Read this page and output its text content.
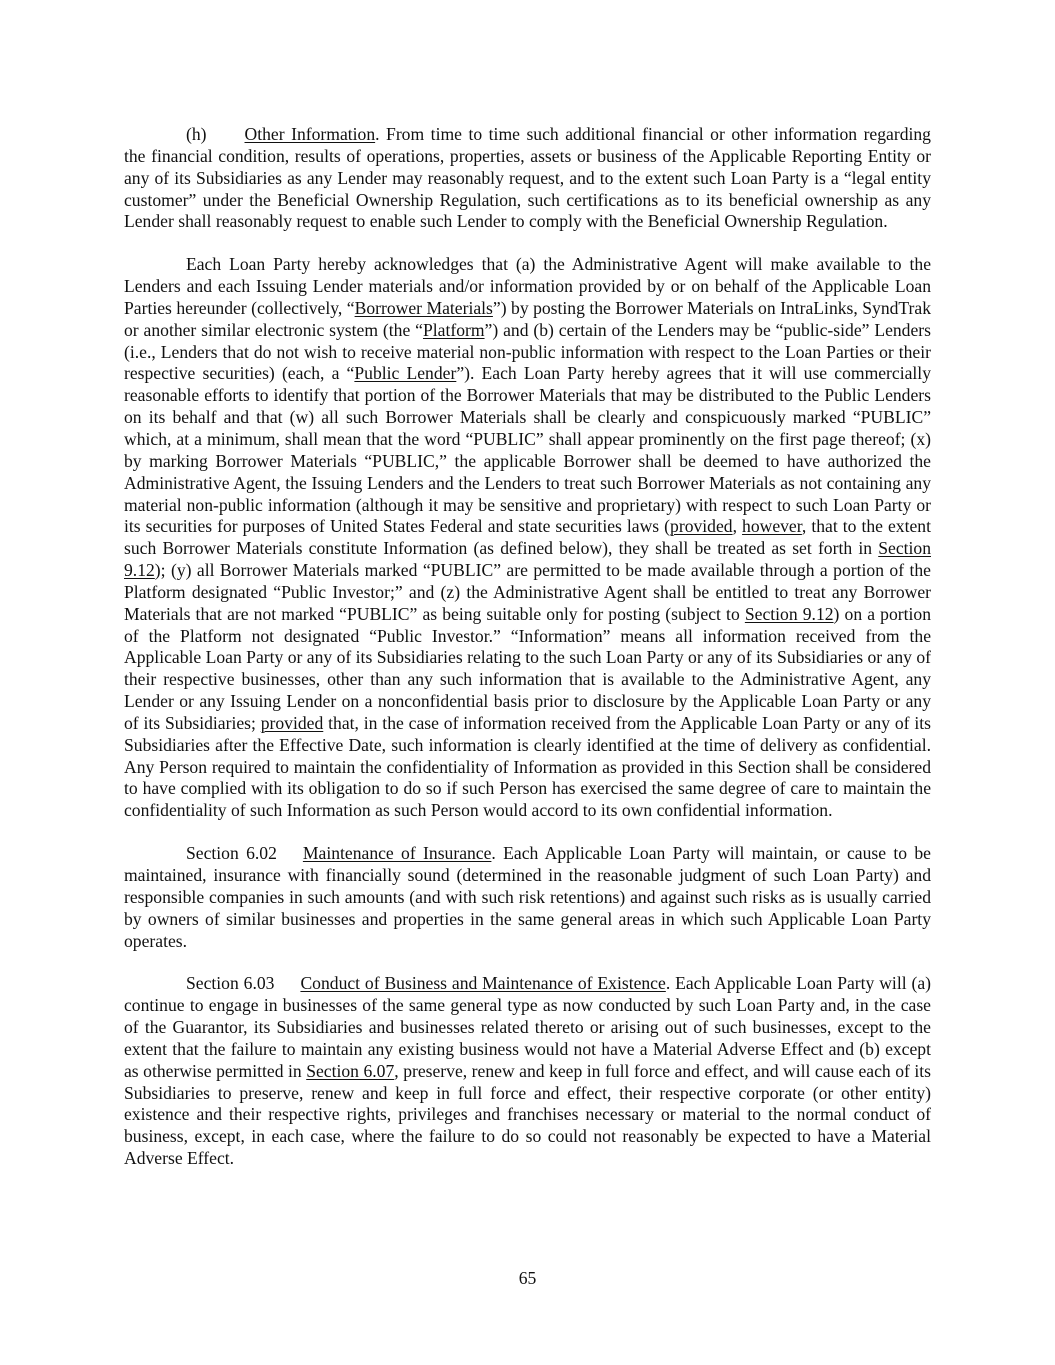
(h) Other Information. From time to time such additional financial or other information regarding the financial condition, results of operations, properties, assets or business of the Applicable Reporting Entity or any of its Subsidiaries as any Lender may reasonably request, and to the extent such Loan Party is a “legal entity customer” under the Beneficial Ownership Regulation, such certifications as to its beneficial ownership as any Lender shall reasonably request to enable such Lender to comply with the Beneficial Ownership Regulation.

Each Loan Party hereby acknowledges that (a) the Administrative Agent will make available to the Lenders and each Issuing Lender materials and/or information provided by or on behalf of the Applicable Loan Parties hereunder (collectively, “Borrower Materials”) by posting the Borrower Materials on IntraLinks, SyndTrak or another similar electronic system (the “Platform”) and (b) certain of the Lenders may be “public-side” Lenders (i.e., Lenders that do not wish to receive material non-public information with respect to the Loan Parties or their respective securities) (each, a “Public Lender”). Each Loan Party hereby agrees that it will use commercially reasonable efforts to identify that portion of the Borrower Materials that may be distributed to the Public Lenders on its behalf and that (w) all such Borrower Materials shall be clearly and conspicuously marked “PUBLIC” which, at a minimum, shall mean that the word “PUBLIC” shall appear prominently on the first page thereof; (x) by marking Borrower Materials “PUBLIC,” the applicable Borrower shall be deemed to have authorized the Administrative Agent, the Issuing Lenders and the Lenders to treat such Borrower Materials as not containing any material non-public information (although it may be sensitive and proprietary) with respect to such Loan Party or its securities for purposes of United States Federal and state securities laws (provided, however, that to the extent such Borrower Materials constitute Information (as defined below), they shall be treated as set forth in Section 9.12); (y) all Borrower Materials marked “PUBLIC” are permitted to be made available through a portion of the Platform designated “Public Investor;” and (z) the Administrative Agent shall be entitled to treat any Borrower Materials that are not marked “PUBLIC” as being suitable only for posting (subject to Section 9.12) on a portion of the Platform not designated “Public Investor.” “Information” means all information received from the Applicable Loan Party or any of its Subsidiaries relating to the such Loan Party or any of its Subsidiaries or any of their respective businesses, other than any such information that is available to the Administrative Agent, any Lender or any Issuing Lender on a nonconfidential basis prior to disclosure by the Applicable Loan Party or any of its Subsidiaries; provided that, in the case of information received from the Applicable Loan Party or any of its Subsidiaries after the Effective Date, such information is clearly identified at the time of delivery as confidential. Any Person required to maintain the confidentiality of Information as provided in this Section shall be considered to have complied with its obligation to do so if such Person has exercised the same degree of care to maintain the confidentiality of such Information as such Person would accord to its own confidential information.

Section 6.02 Maintenance of Insurance. Each Applicable Loan Party will maintain, or cause to be maintained, insurance with financially sound (determined in the reasonable judgment of such Loan Party) and responsible companies in such amounts (and with such risk retentions) and against such risks as is usually carried by owners of similar businesses and properties in the same general areas in which such Applicable Loan Party operates.

Section 6.03 Conduct of Business and Maintenance of Existence. Each Applicable Loan Party will (a) continue to engage in businesses of the same general type as now conducted by such Loan Party and, in the case of the Guarantor, its Subsidiaries and businesses related thereto or arising out of such businesses, except to the extent that the failure to maintain any existing business would not have a Material Adverse Effect and (b) except as otherwise permitted in Section 6.07, preserve, renew and keep in full force and effect, and will cause each of its Subsidiaries to preserve, renew and keep in full force and effect, their respective corporate (or other entity) existence and their respective rights, privileges and franchises necessary or material to the normal conduct of business, except, in each case, where the failure to do so could not reasonably be expected to have a Material Adverse Effect.

65
